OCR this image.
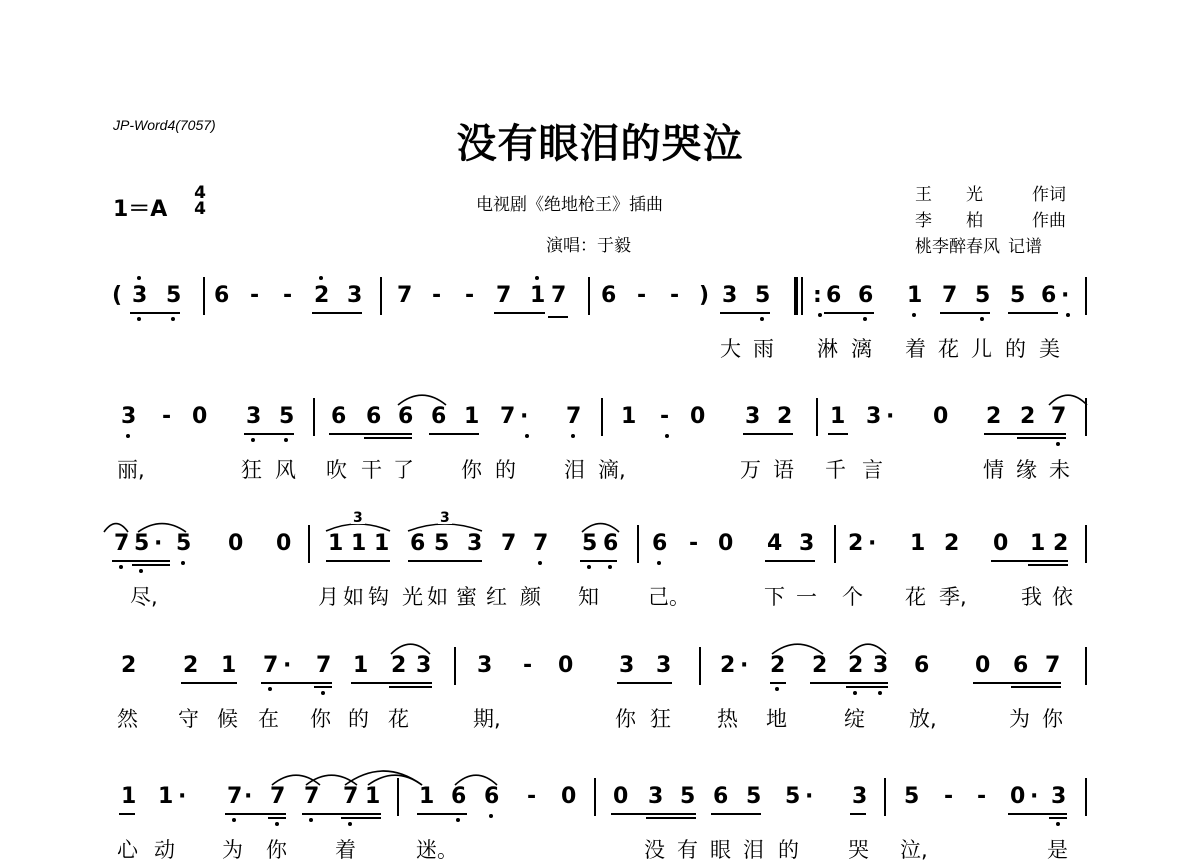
JP-Word4(7057)	没有眼泪的哭泣
1＝A
4
4	电视剧《绝地枪王》插曲
演唱：于毅
王　　光	作词
李　　柏	作曲
桃李醉春风 记谱
( 3 5 6 - - 2 3 7 - - 7 1 7 6 - - ) 3 5 : 6 6 1 7 5 5 6 ·
大 雨 淋 漓 着 花 儿 的 美
3 - 0 3 5 6 6 6 6 1 7 · 7 1 - 0 3 2 1 3 · 0 2 2 7
丽,	狂 风 吹 干 了 你 的 泪 滴,	万 语 千 言	情 缘 未
7 5 · 5 0 0 1 1 1 6 5 3 7 7 5 6 6 - 0 4 3 2 · 1 2 0 1 2
尽,	月 如 钩 光 如 蜜 红 颜 知 己。	下 一 个 花 季,	我 依
3	3
2 2 1 7 · 7 1 2 3 3 - 0 3 3 2 · 2 2 2 3 6 0 6 7
然 守 候 在 你 的 花	期,	你 狂 热 地	绽 放,	为 你
1 1 · 7 · 7 7 7 1 1 6 6 - 0 0 3 5 6 5 5 · 3 5 - - 0 · 3
心 动 为 你 着	迷。	没 有 眼 泪 的 哭 泣,	是
